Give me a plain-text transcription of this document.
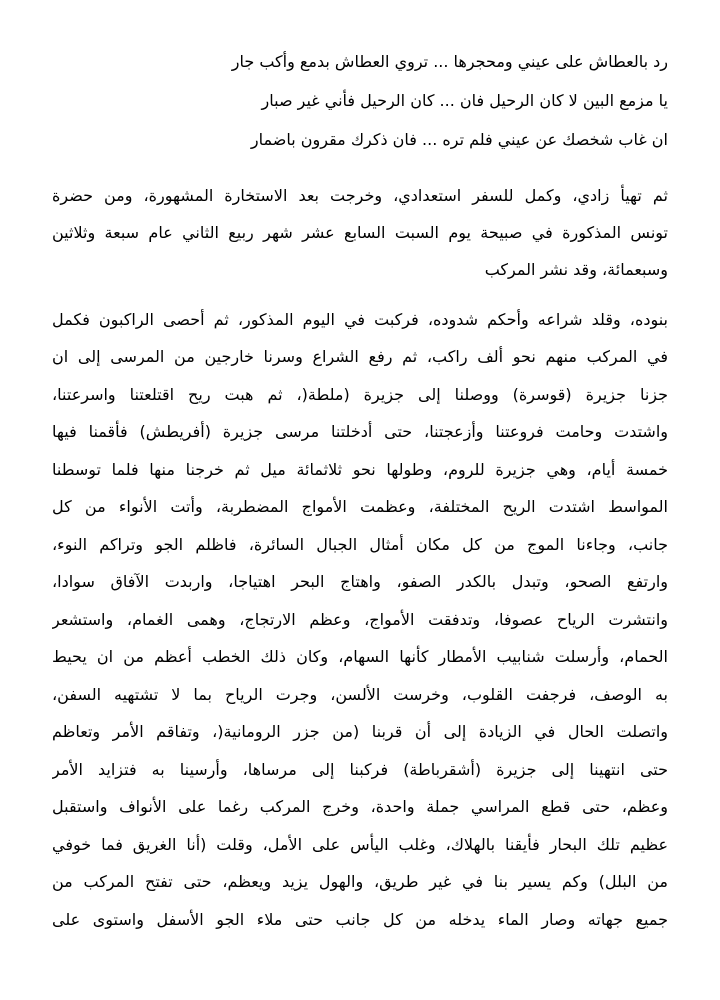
رد بالعطاش على عيني ومحجرها ... تروي العطاش بدمع وأكب جار
يا مزمع البين لا كان الرحيل فان ... كان الرحيل فأني غير صبار
ان غاب شخصك عن عيني فلم تره ... فان ذكرك مقرون باضمار
ثم تهيأ زادي، وكمل للسفر استعدادي، وخرجت بعد الاستخارة المشهورة، ومن حضرة
تونس المذكورة في صبيحة يوم السبت السابع عشر شهر ربيع الثاني عام سبعة وثلاثين
وسبعمائة، وقد نشر المركب
بنوده، وقلد شراعه وأحكم شدوده، فركبت في اليوم المذكور، ثم أحصى الراكبون فكمل
في المركب منهم نحو ألف راكب، ثم رفع الشراع وسرنا خارجين من المرسى إلى ان
جزنا جزيرة (قوسرة) ووصلنا إلى جزيرة (ملطة(، ثم هبت ريح اقتلعتنا واسرعتنا،
واشتدت وحامت فروعتنا وأزعجتنا، حتى أدخلتنا مرسى جزيرة (أفريطش) فأقمنا فيها
خمسة أيام، وهي جزيرة للروم، وطولها نحو ثلاثمائة ميل ثم خرجنا منها فلما توسطنا
المواسط اشتدت الريح المختلفة، وعظمت الأمواج المضطربة، وأتت الأنواء من كل
جانب، وجاءنا الموج من كل مكان أمثال الجبال السائرة، فاظلم الجو وتراكم النوء،
وارتفع الصحو، وتبدل بالكدر الصفو، واهتاج البحر اهتياجا، واربدت الآفاق سوادا،
وانتشرت الرياح عصوفا، وتدفقت الأمواج، وعظم الارتجاج، وهمى الغمام، واستشعر
الحمام، وأرسلت شنابيب الأمطار كأنها السهام، وكان ذلك الخطب أعظم من ان يحيط
به الوصف، فرجفت القلوب، وخرست الألسن، وجرت الرياح بما لا تشتهيه السفن،
واتصلت الحال في الزيادة إلى أن قربنا (من جزر الرومانية(، وتفاقم الأمر وتعاظم
حتى انتهينا إلى جزيرة (أشقرباطة) فركبنا إلى مرساها، وأرسينا به فتزايد الأمر
وعظم، حتى قطع المراسي جملة واحدة، وخرج المركب رغما على الأنواف واستقبل
عظيم تلك البحار فأيقنا بالهلاك، وغلب اليأس على الأمل، وقلت (أنا الغريق فما خوفي
من البلل) وكم يسير بنا في غير طريق، والهول يزيد ويعظم، حتى تفتح المركب من
جميع جهاته وصار الماء يدخله من كل جانب حتى ملاء الجو الأسفل واستوى على
